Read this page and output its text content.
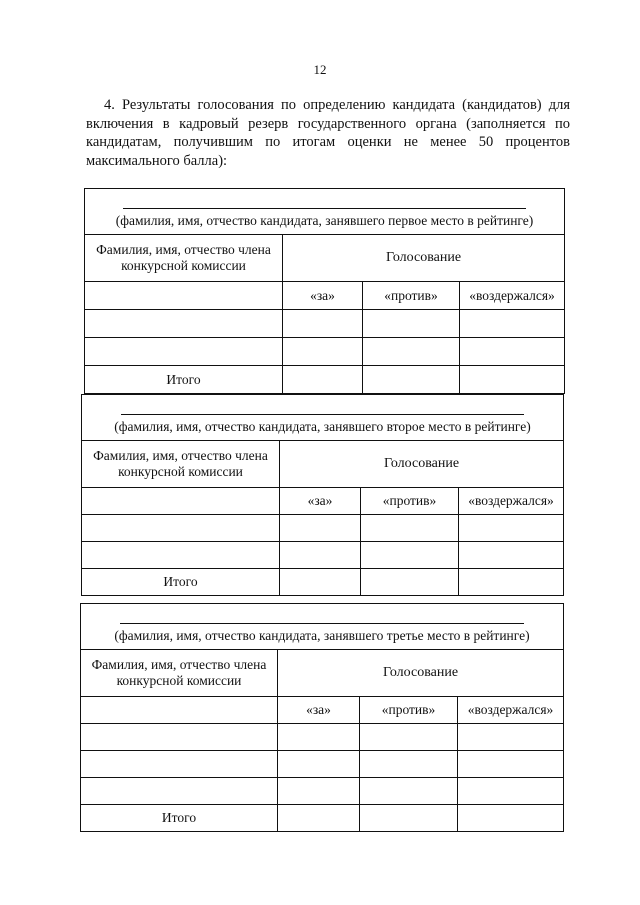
12

4. Результаты голосования по определению кандидата (кандидатов) для включения в кадровый резерв государственного органа (заполняется по кандидатам, получившим по итогам оценки не менее 50 процентов максимального балла):

(фамилия, имя, отчество кандидата, занявшего первое место в рейтинге)			

Фамилия, имя, отчество члена конкурсной комиссии	Голосование		
	«за»	«против»	«воздержался»

Итого			
(фамилия, имя, отчество кандидата, занявшего второе место в рейтинге)			

Фамилия, имя, отчество члена конкурсной комиссии	Голосование		
	«за»	«против»	«воздержался»

Итого			
(фамилия, имя, отчество кандидата, занявшего третье место в рейтинге)			

Фамилия, имя, отчество члена конкурсной комиссии	Голосование		
	«за»	«против»	«воздержался»

Итого			
